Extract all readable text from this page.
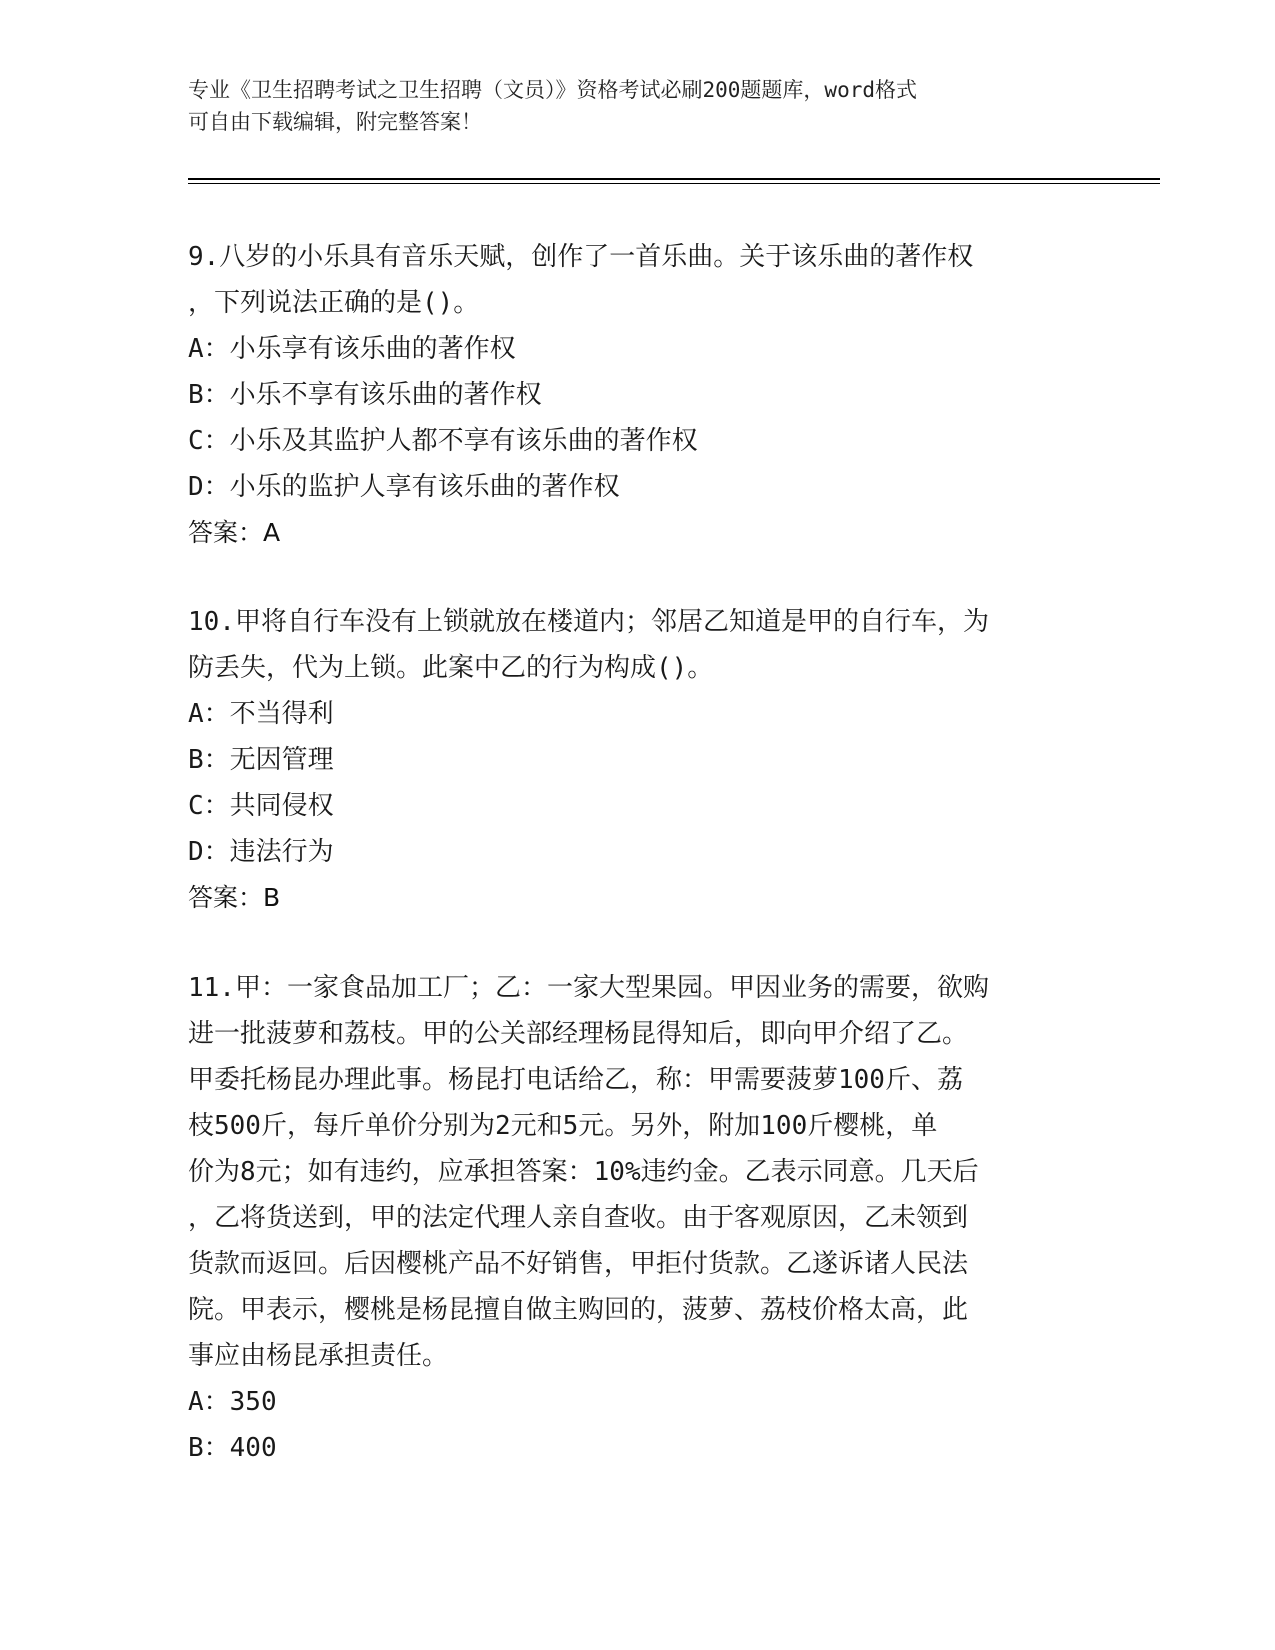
专业《卫生招聘考试之卫生招聘（文员）》资格考试必刷200题题库，word格式
可自由下载编辑，附完整答案！
9.八岁的小乐具有音乐天赋，创作了一首乐曲。关于该乐曲的著作权
，下列说法正确的是()。
A：小乐享有该乐曲的著作权
B：小乐不享有该乐曲的著作权
C：小乐及其监护人都不享有该乐曲的著作权
D：小乐的监护人享有该乐曲的著作权
答案：A
10.甲将自行车没有上锁就放在楼道内；邻居乙知道是甲的自行车，为
防丢失，代为上锁。此案中乙的行为构成()。
A：不当得利
B：无因管理
C：共同侵权
D：违法行为
答案：B
11.甲：一家食品加工厂；乙：一家大型果园。甲因业务的需要，欲购
进一批菠萝和荔枝。甲的公关部经理杨昆得知后，即向甲介绍了乙。
甲委托杨昆办理此事。杨昆打电话给乙，称：甲需要菠萝100斤、荔
枝500斤，每斤单价分别为2元和5元。另外，附加100斤樱桃，单
价为8元；如有违约，应承担答案：10%违约金。乙表示同意。几天后
，乙将货送到，甲的法定代理人亲自查收。由于客观原因，乙未领到
货款而返回。后因樱桃产品不好销售，甲拒付货款。乙遂诉诸人民法
院。甲表示，樱桃是杨昆擅自做主购回的，菠萝、荔枝价格太高，此
事应由杨昆承担责任。
A：350
B：400
